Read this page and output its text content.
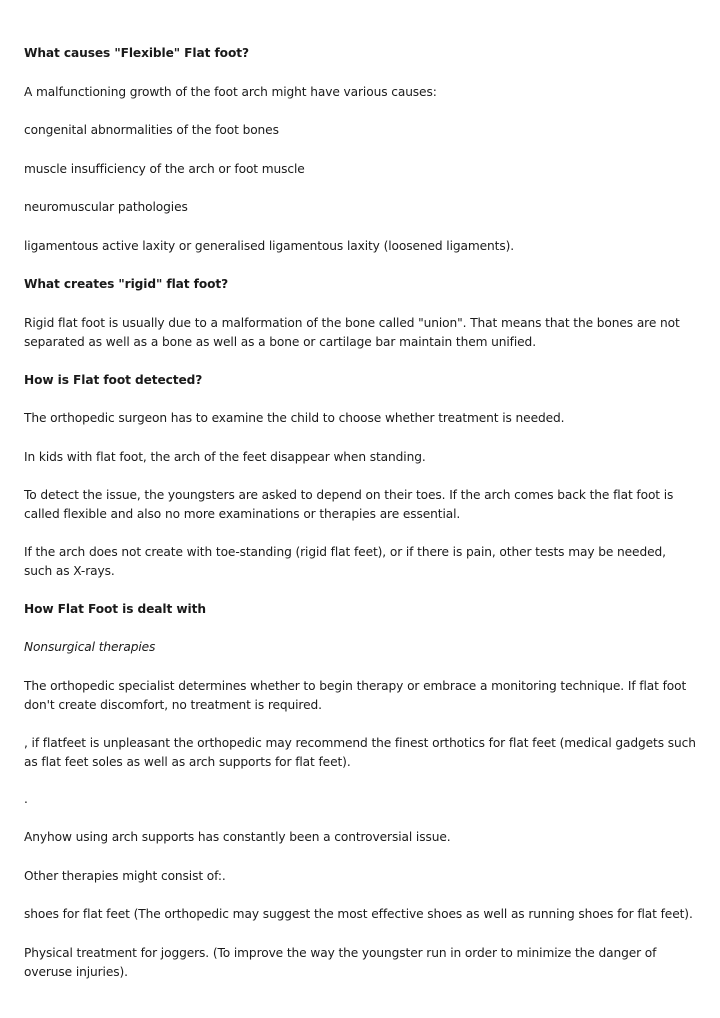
What causes "Flexible" Flat foot?

A malfunctioning growth of the foot arch might have various causes:

congenital abnormalities of the foot bones

muscle insufficiency of the arch or foot muscle

neuromuscular pathologies

ligamentous active laxity or generalised ligamentous laxity (loosened ligaments).

What creates "rigid" flat foot?

Rigid flat foot is usually due to a malformation of the bone called "union". That means that the bones are not separated as well as a bone as well as a bone or cartilage bar maintain them unified.

How is Flat foot detected?

The orthopedic surgeon has to examine the child to choose whether treatment is needed.

In kids with flat foot, the arch of the feet disappear when standing.

To detect the issue, the youngsters are asked to depend on their toes. If the arch comes back the flat foot is called flexible and also no more examinations or therapies are essential.

If the arch does not create with toe-standing (rigid flat feet), or if there is pain, other tests may be needed, such as X-rays.

How Flat Foot is dealt with

Nonsurgical therapies

The orthopedic specialist determines whether to begin therapy or embrace a monitoring technique. If flat foot don't create discomfort, no treatment is required.

, if flatfeet is unpleasant the orthopedic may recommend the finest orthotics for flat feet (medical gadgets such as flat feet soles as well as arch supports for flat feet).

.

Anyhow using arch supports has constantly been a controversial issue.

Other therapies might consist of:.

shoes for flat feet (The orthopedic may suggest the most effective shoes as well as running shoes for flat feet).

Physical treatment for joggers. (To improve the way the youngster run in order to minimize the danger of overuse injuries).
